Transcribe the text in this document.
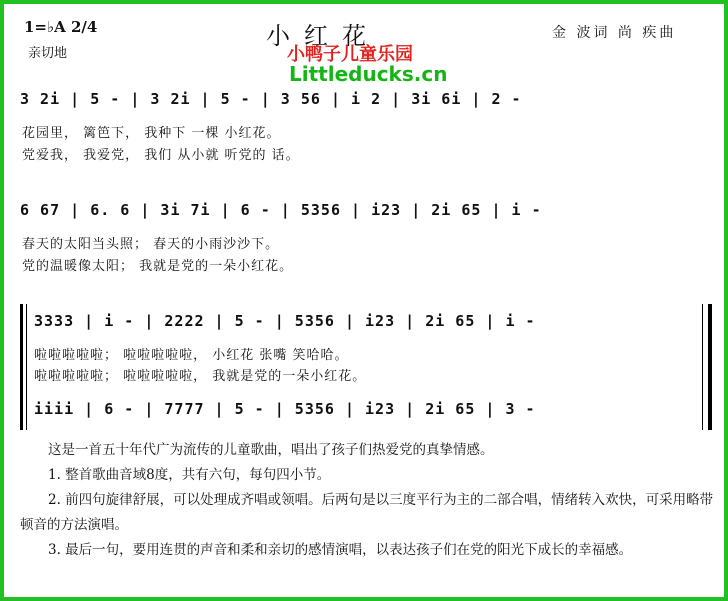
1=♭A 2/4
亲切地
小红花	金 波词 尚 疾曲
小鸭子儿童乐园
Littleducks.cn
3 2i | 5 - | 3 2i | 5 - | 3 56 | i 2 | 3i 6i | 2 -
花园里， 篱笆下， 我种下 一棵 小红花。
党爱我， 我爱党， 我们 从小就 听党的 话。
6 67 | 6. 6 | 3i 7i | 6 - | 5356 | i23 | 2i 65 | i -
春天的太阳当头照； 春天的小雨沙沙下。
党的温暖像太阳； 我就是党的一朵小红花。
3333 | i - | 2222 | 5 - | 5356 | i23 | 2i 65 | i -
啦啦啦啦啦； 啦啦啦啦啦， 小红花 张嘴 笑哈哈。
啦啦啦啦啦； 啦啦啦啦啦， 我就是党的一朵小红花。
iiii | 6 - | 7777 | 5 - | 5356 | i23 | 2i 65 | 3 -

这是一首五十年代广为流传的儿童歌曲，唱出了孩子们热爱党的真挚情感。

1. 整首歌曲音域8度，共有六句，每句四小节。

2. 前四句旋律舒展，可以处理成齐唱或领唱。后两句是以三度平行为主的二部合唱，情绪转入欢快，可采用略带顿音的方法演唱。

3. 最后一句，要用连贯的声音和柔和亲切的感情演唱，以表达孩子们在党的阳光下成长的幸福感。
